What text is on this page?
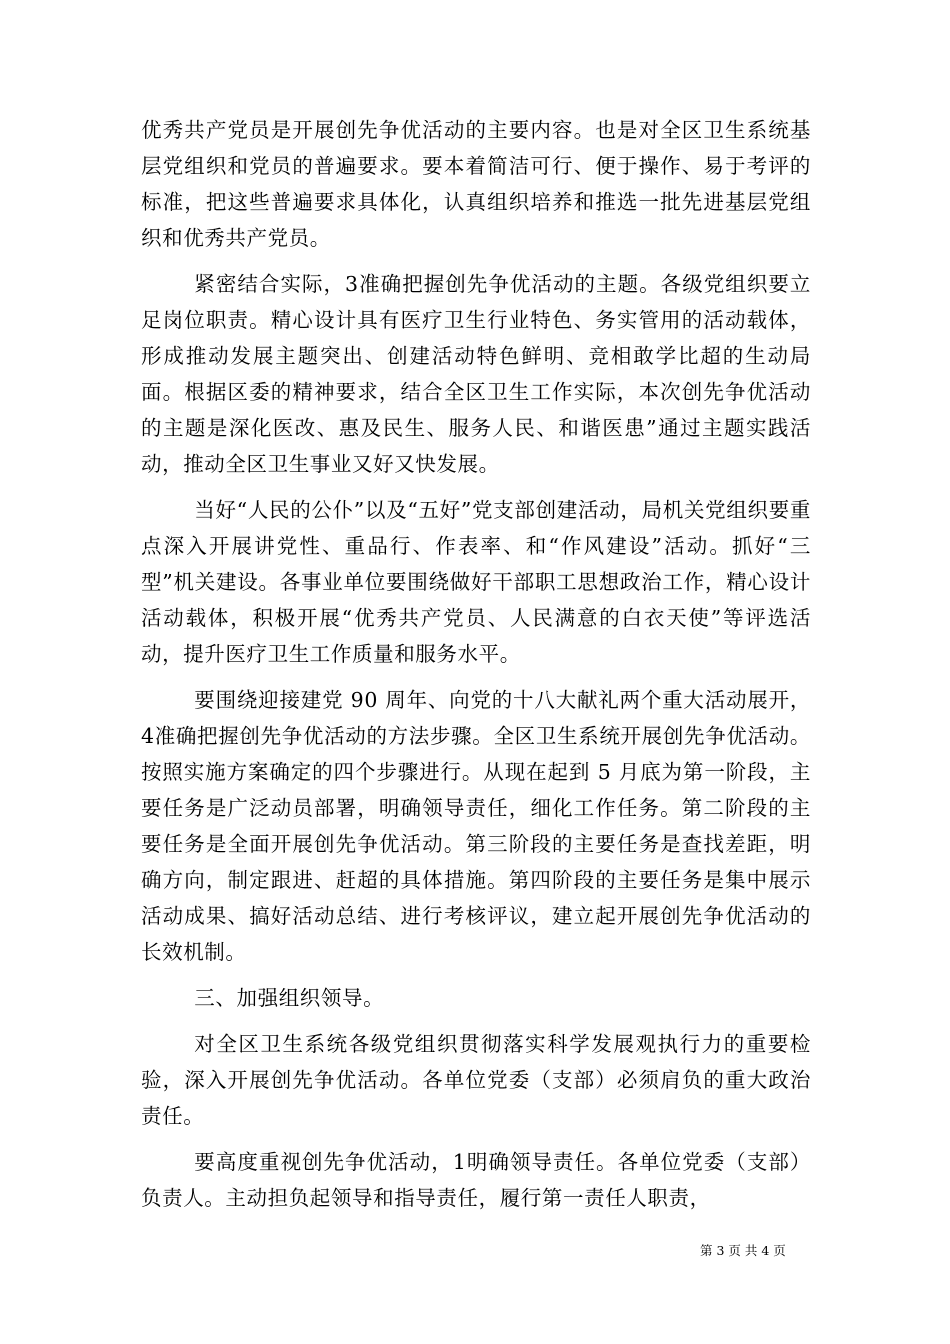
优秀共产党员是开展创先争优活动的主要内容。也是对全区卫生系统基层党组织和党员的普遍要求。要本着简洁可行、便于操作、易于考评的标准，把这些普遍要求具体化，认真组织培养和推选一批先进基层党组织和优秀共产党员。

紧密结合实际，3准确把握创先争优活动的主题。各级党组织要立足岗位职责。精心设计具有医疗卫生行业特色、务实管用的活动载体，形成推动发展主题突出、创建活动特色鲜明、竞相敢学比超的生动局面。根据区委的精神要求，结合全区卫生工作实际，本次创先争优活动的主题是深化医改、惠及民生、服务人民、和谐医患”通过主题实践活动，推动全区卫生事业又好又快发展。

当好“人民的公仆”以及“五好”党支部创建活动，局机关党组织要重点深入开展讲党性、重品行、作表率、和“作风建设”活动。抓好“三型”机关建设。各事业单位要围绕做好干部职工思想政治工作，精心设计活动载体，积极开展“优秀共产党员、人民满意的白衣天使”等评选活动，提升医疗卫生工作质量和服务水平。

要围绕迎接建党 90 周年、向党的十八大献礼两个重大活动展开，4准确把握创先争优活动的方法步骤。全区卫生系统开展创先争优活动。按照实施方案确定的四个步骤进行。从现在起到 5 月底为第一阶段，主要任务是广泛动员部署，明确领导责任，细化工作任务。第二阶段的主要任务是全面开展创先争优活动。第三阶段的主要任务是查找差距，明确方向，制定跟进、赶超的具体措施。第四阶段的主要任务是集中展示活动成果、搞好活动总结、进行考核评议，建立起开展创先争优活动的长效机制。

三、加强组织领导。

对全区卫生系统各级党组织贯彻落实科学发展观执行力的重要检验，深入开展创先争优活动。各单位党委（支部）必须肩负的重大政治责任。

要高度重视创先争优活动，1明确领导责任。各单位党委（支部）负责人。主动担负起领导和指导责任，履行第一责任人职责，

第 3 页 共 4 页
